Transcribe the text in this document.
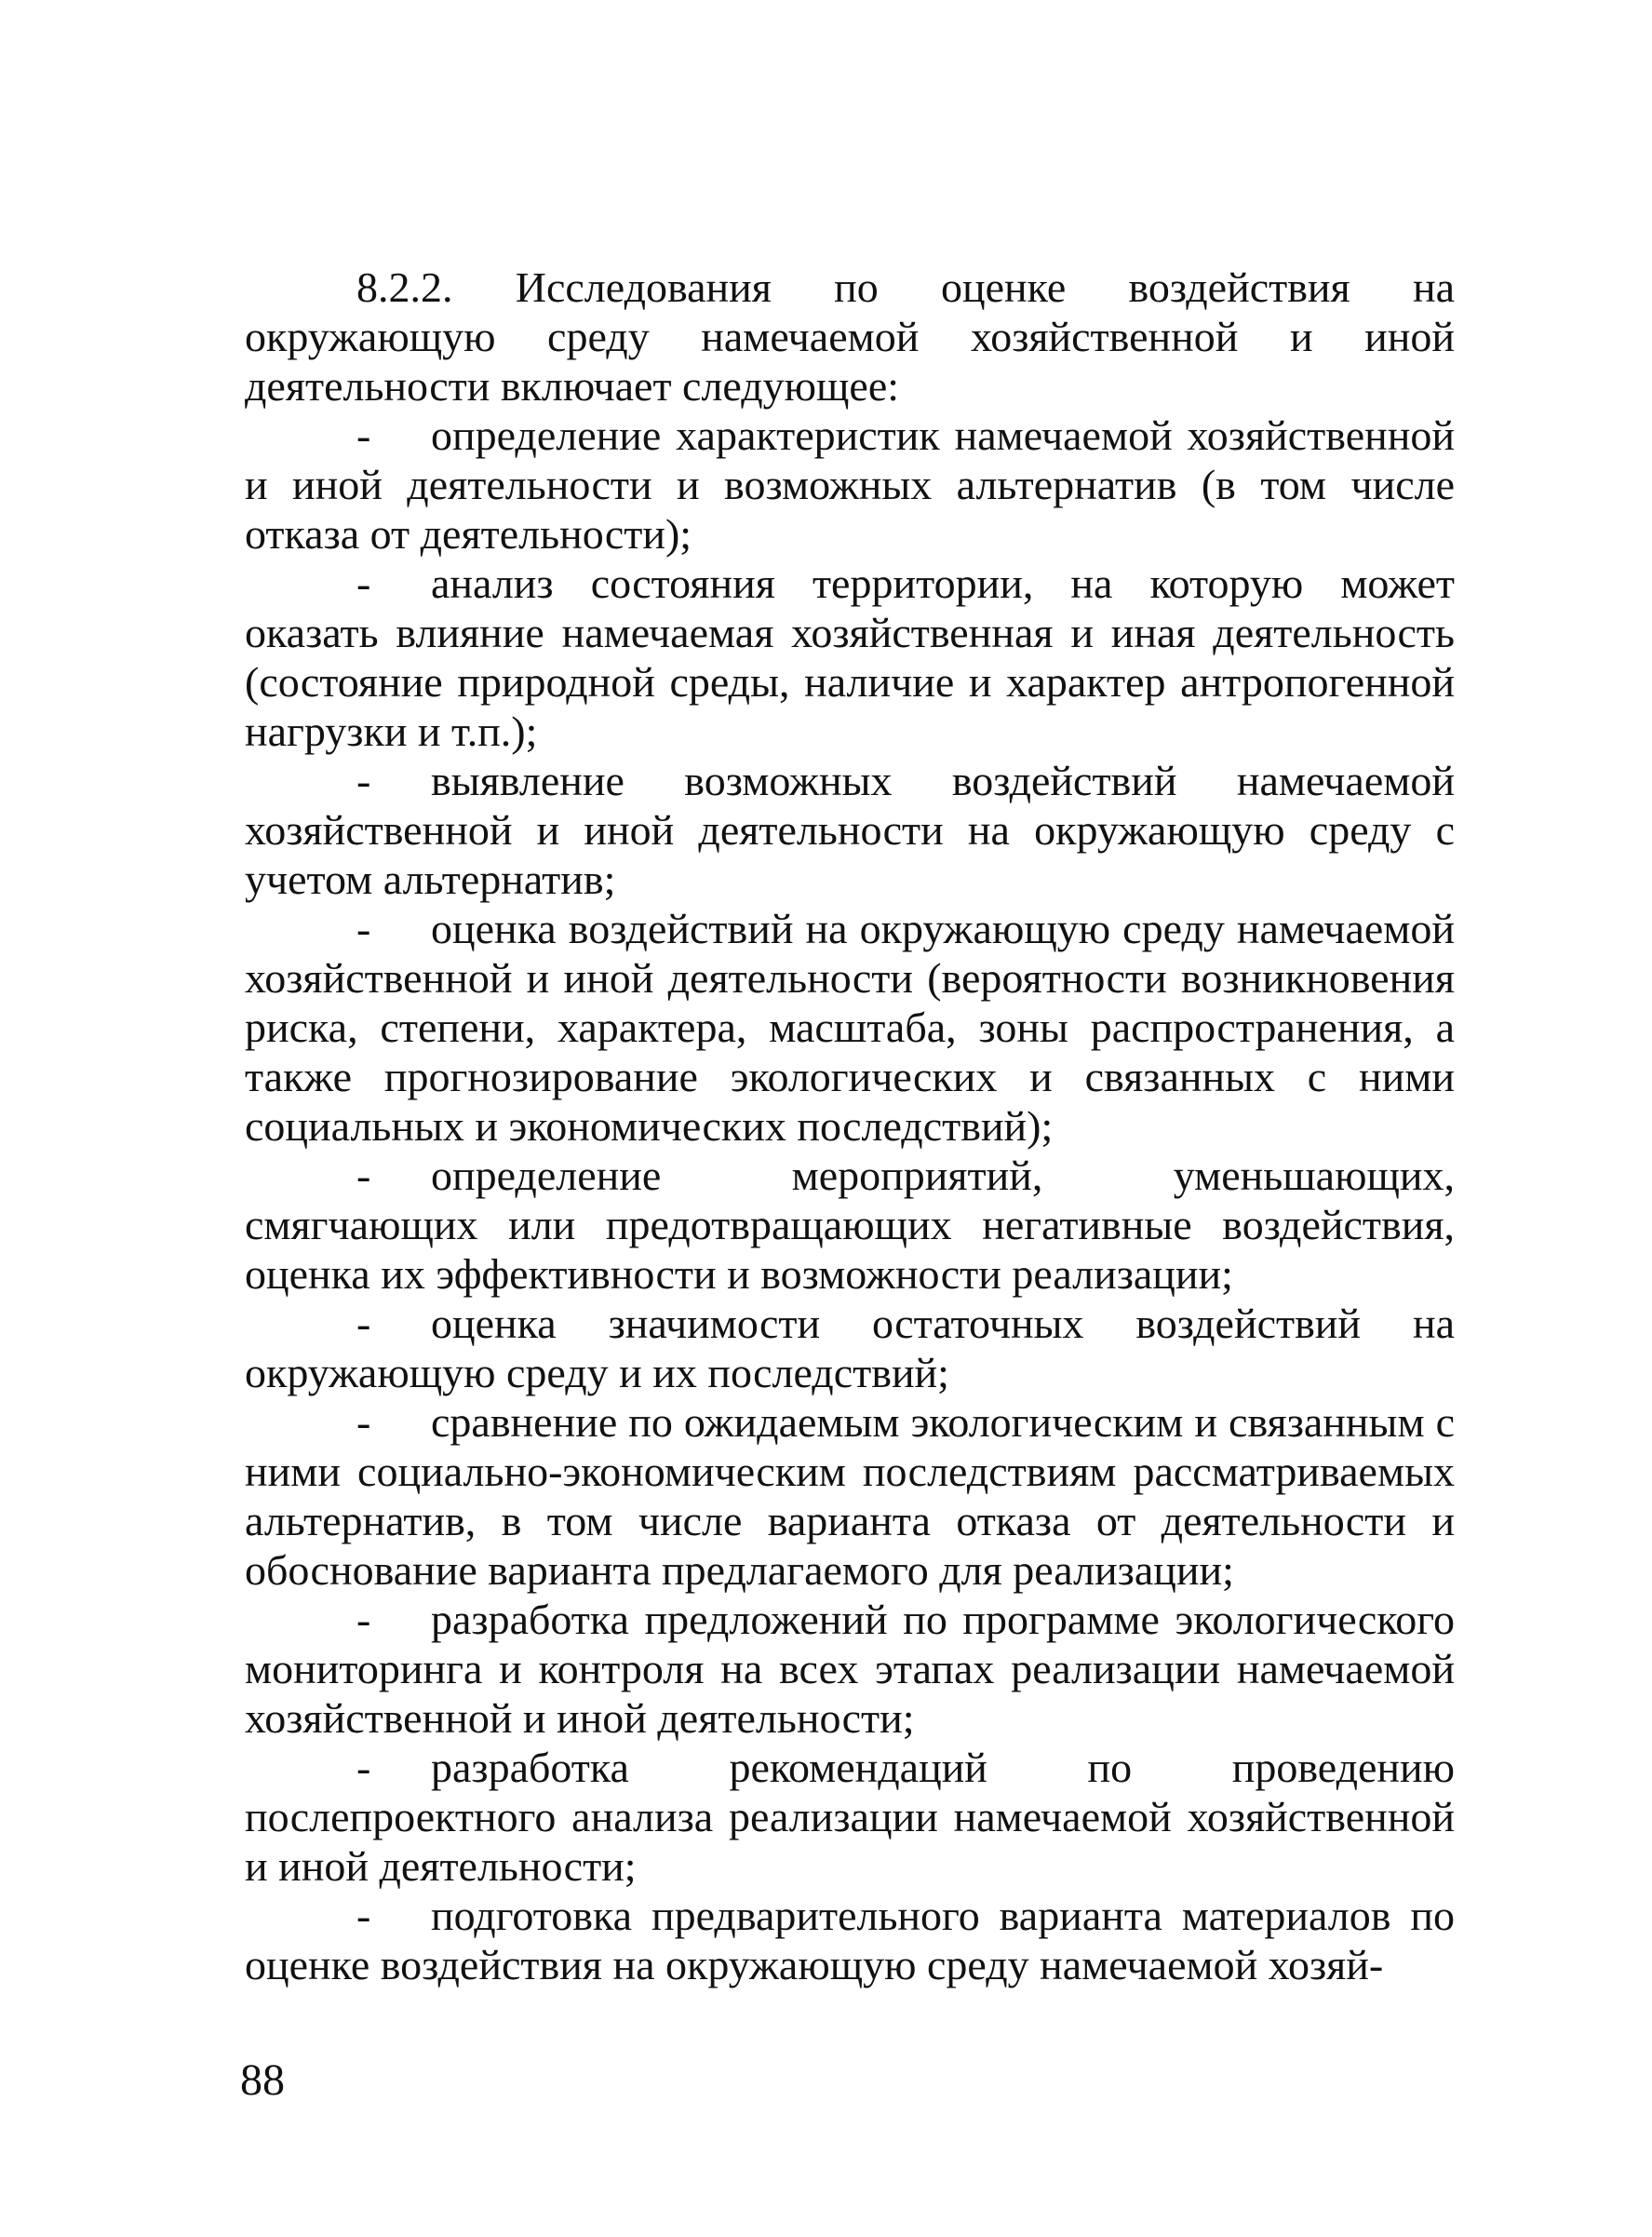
8.2.2. Исследования по оценке воздействия на окружающую среду намечаемой хозяйственной и иной деятельности включает следующее:

- определение характеристик намечаемой хозяйственной и иной деятельности и возможных альтернатив (в том числе отказа от деятельности);

- анализ состояния территории, на которую может оказать влияние намечаемая хозяйственная и иная деятельность (состояние природной среды, наличие и характер антропогенной нагрузки и т.п.);

- выявление возможных воздействий намечаемой хозяйственной и иной деятельности на окружающую среду с учетом альтернатив;

- оценка воздействий на окружающую среду намечаемой хозяйственной и иной деятельности (вероятности возникновения риска, степени, характера, масштаба, зоны распространения, а также прогнозирование экологических и связанных с ними социальных и экономических последствий);

- определение мероприятий, уменьшающих, смягчающих или предотвращающих негативные воздействия, оценка их эффективности и возможности реализации;

- оценка значимости остаточных воздействий на окружающую среду и их последствий;

- сравнение по ожидаемым экологическим и связанным с ними социально-экономическим последствиям рассматриваемых альтернатив, в том числе варианта отказа от деятельности и обоснование варианта предлагаемого для реализации;

- разработка предложений по программе экологического мониторинга и контроля на всех этапах реализации намечаемой хозяйственной и иной деятельности;

- разработка рекомендаций по проведению послепроектного анализа реализации намечаемой хозяйственной и иной деятельности;

- подготовка предварительного варианта материалов по оценке воздействия на окружающую среду намечаемой хозяй-

88
